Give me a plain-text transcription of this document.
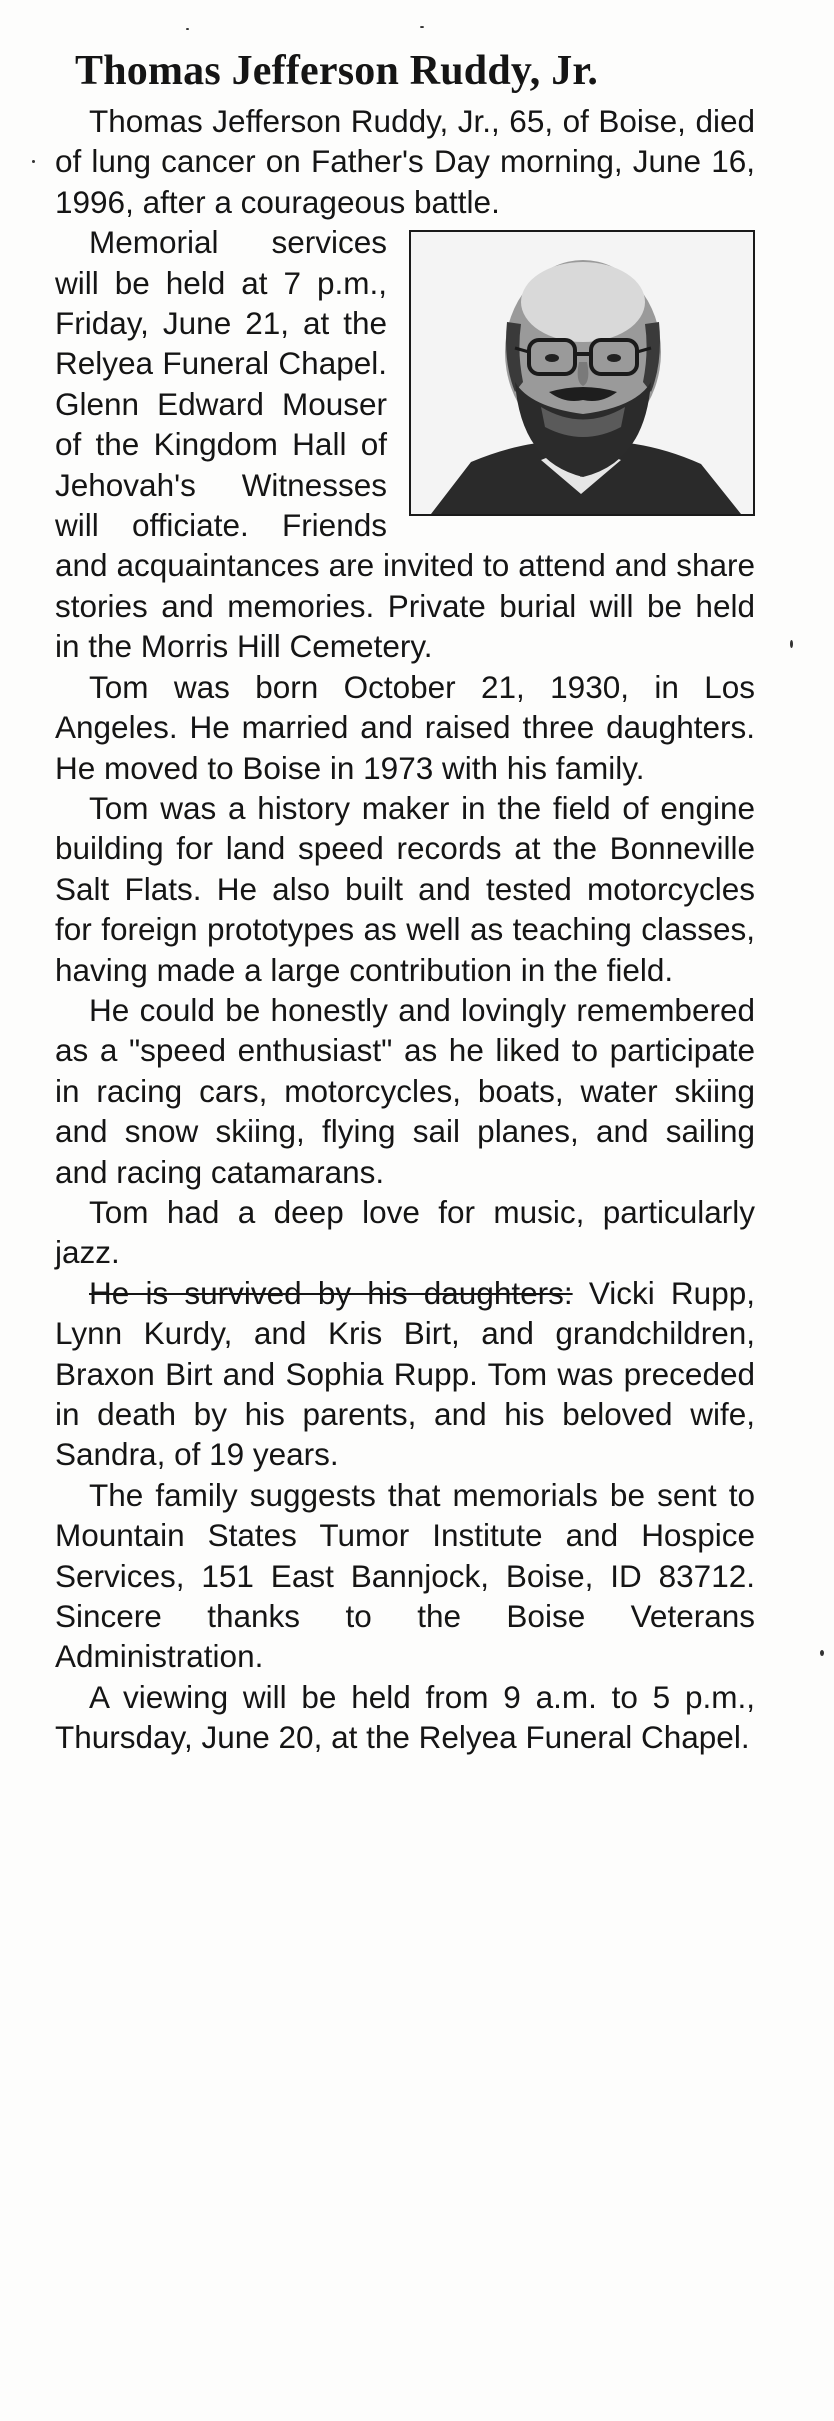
Thomas Jefferson Ruddy, Jr.

Thomas Jefferson Ruddy, Jr., 65, of Boise, died of lung cancer on Father's Day morning, June 16, 1996, after a courageous battle.

Memorial services will be held at 7 p.m., Friday, June 21, at the Relyea Funeral Chapel. Glenn Edward Mouser of the Kingdom Hall of Jehovah's Witnesses will officiate. Friends and acquaintances are invited to attend and share stories and memories. Private burial will be held in the Morris Hill Cemetery.

Tom was born October 21, 1930, in Los Angeles. He married and raised three daughters. He moved to Boise in 1973 with his family.

Tom was a history maker in the field of engine building for land speed records at the Bonneville Salt Flats. He also built and tested motorcycles for foreign prototypes as well as teaching classes, having made a large contribution in the field.

He could be honestly and lovingly remembered as a "speed enthusiast" as he liked to participate in racing cars, motorcycles, boats, water skiing and snow skiing, flying sail planes, and sailing and racing catamarans.

Tom had a deep love for music, particularly jazz.

He is survived by his daughters: Vicki Rupp, Lynn Kurdy, and Kris Birt, and grandchildren, Braxon Birt and Sophia Rupp. Tom was preceded in death by his parents, and his beloved wife, Sandra, of 19 years.

The family suggests that memorials be sent to Mountain States Tumor Institute and Hospice Services, 151 East Bannjock, Boise, ID 83712. Sincere thanks to the Boise Veterans Administration.

A viewing will be held from 9 a.m. to 5 p.m., Thursday, June 20, at the Relyea Funeral Chapel.
